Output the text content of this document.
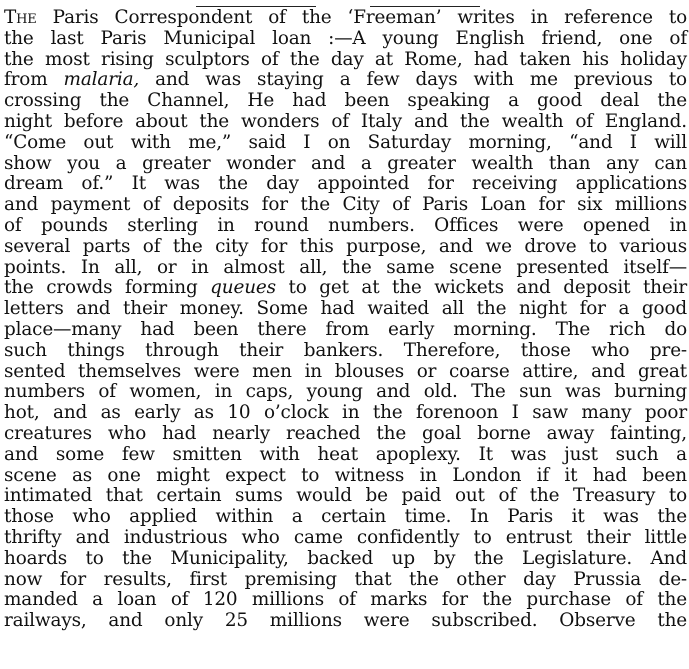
The Paris Correspondent of the ‘Freeman’ writes in reference to
the last Paris Municipal loan :—A young English friend, one of
the most rising sculptors of the day at Rome, had taken his holiday
from malaria, and was staying a few days with me previous to
crossing the Channel, He had been speaking a good deal the
night before about the wonders of Italy and the wealth of England.
“Come out with me,” said I on Saturday morning, “and I will
show you a greater wonder and a greater wealth than any can
dream of.” It was the day appointed for receiving applications
and payment of deposits for the City of Paris Loan for six millions
of pounds sterling in round numbers. Offices were opened in
several parts of the city for this purpose, and we drove to various
points. In all, or in almost all, the same scene presented itself—
the crowds forming queues to get at the wickets and deposit their
letters and their money. Some had waited all the night for a good
place—many had been there from early morning. The rich do
such things through their bankers. Therefore, those who pre-
sented themselves were men in blouses or coarse attire, and great
numbers of women, in caps, young and old. The sun was burning
hot, and as early as 10 o’clock in the forenoon I saw many poor
creatures who had nearly reached the goal borne away fainting,
and some few smitten with heat apoplexy. It was just such a
scene as one might expect to witness in London if it had been
intimated that certain sums would be paid out of the Treasury to
those who applied within a certain time. In Paris it was the
thrifty and industrious who came confidently to entrust their little
hoards to the Municipality, backed up by the Legislature. And
now for results, first premising that the other day Prussia de-
manded a loan of 120 millions of marks for the purchase of the
railways, and only 25 millions were subscribed. Observe the
